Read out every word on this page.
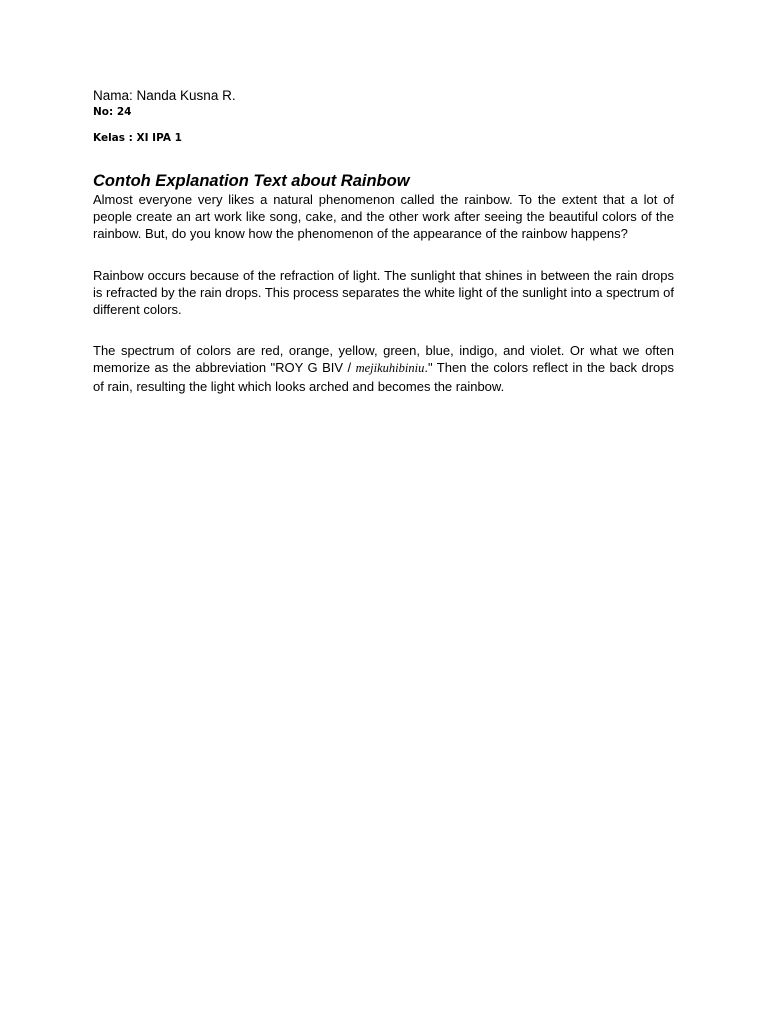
Nama: Nanda Kusna R.

No: 24

Kelas : XI IPA 1

Contoh Explanation Text about Rainbow

Almost everyone very likes a natural phenomenon called the rainbow. To the extent that a lot of people create an art work like song, cake, and the other work after seeing the beautiful colors of the rainbow. But, do you know how the phenomenon of the appearance of the rainbow happens?

Rainbow occurs because of the refraction of light. The sunlight that shines in between the rain drops is refracted by the rain drops. This process separates the white light of the sunlight into a spectrum of different colors.

The spectrum of colors are red, orange, yellow, green, blue, indigo, and violet. Or what we often memorize as the abbreviation "ROY G BIV / mejikuhibiniu." Then the colors reflect in the back drops of rain, resulting the light which looks arched and becomes the rainbow.
